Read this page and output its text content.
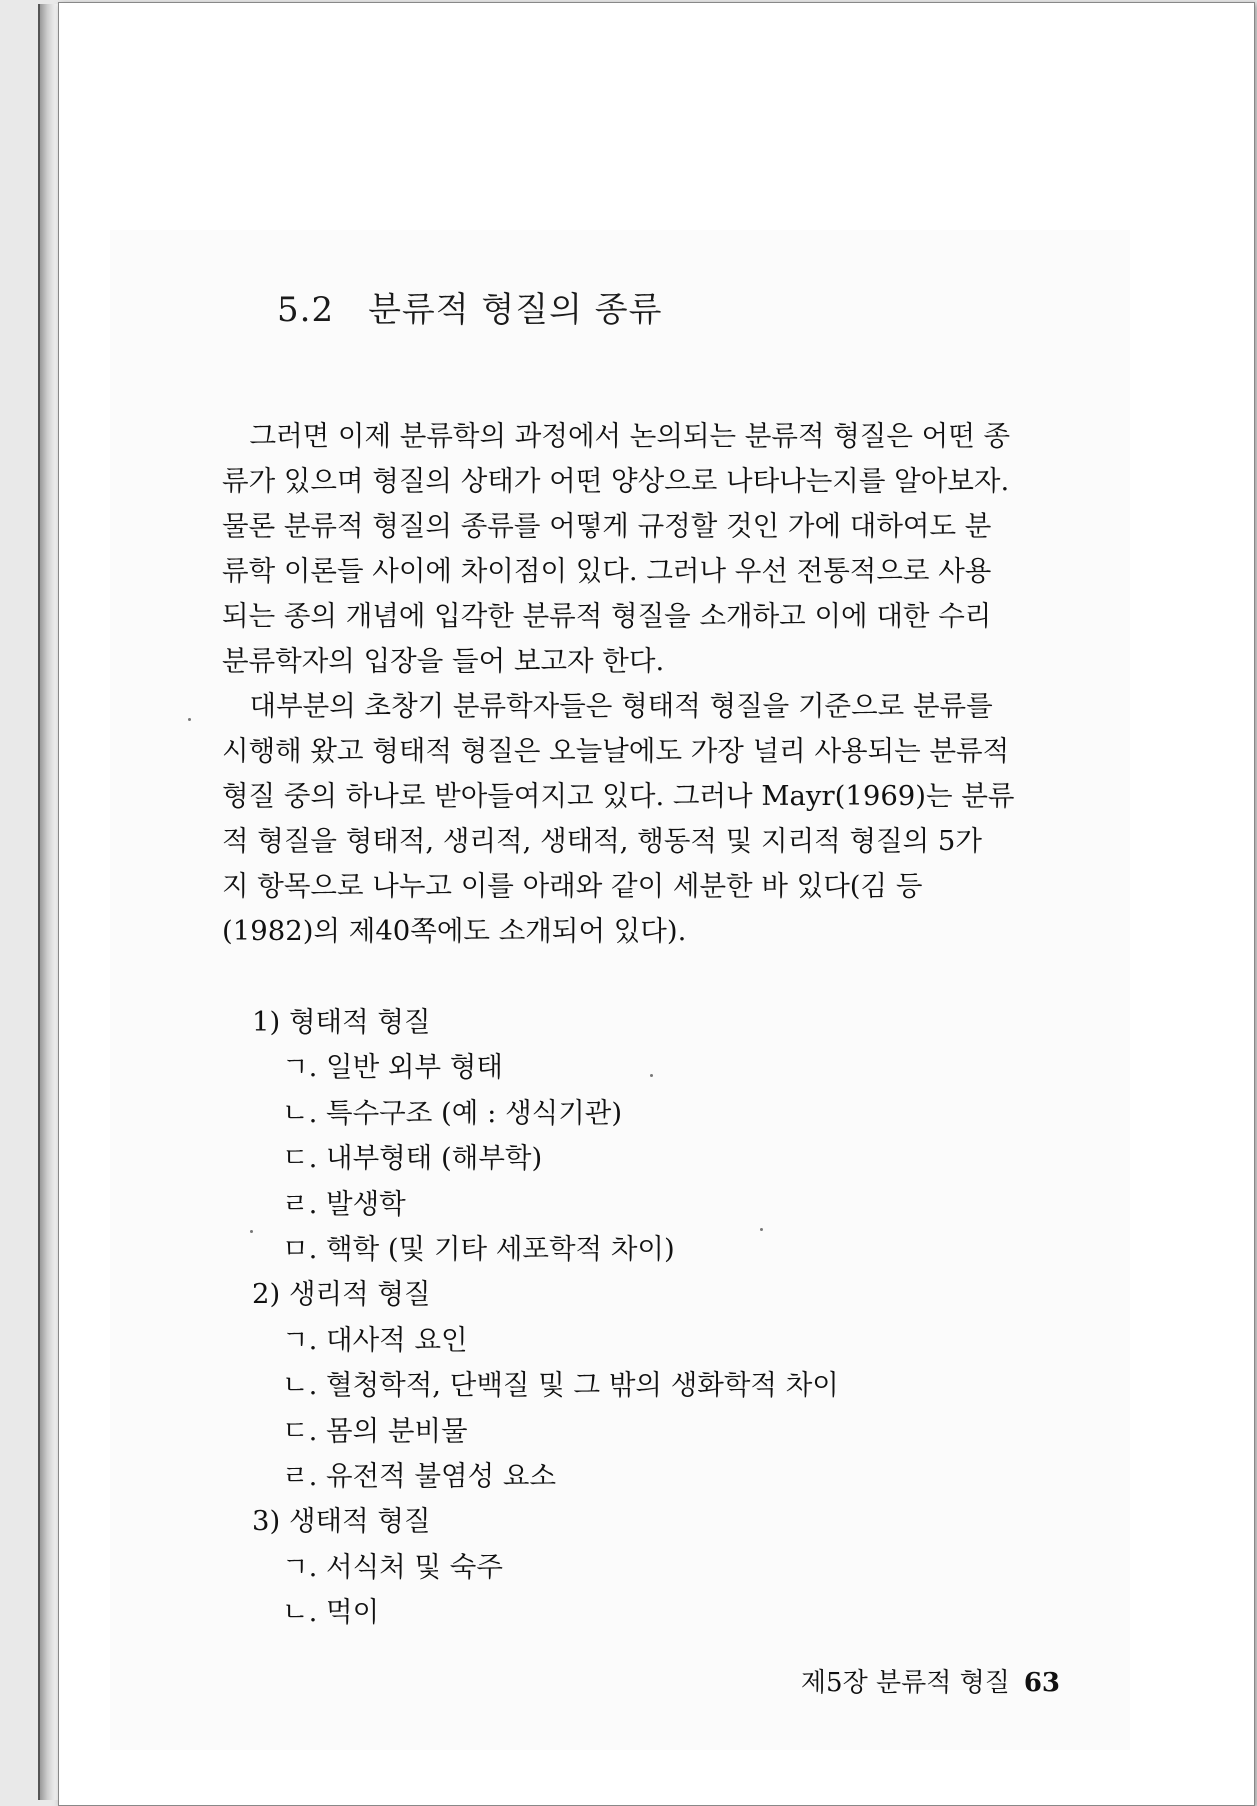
5.2 분류적 형질의 종류

　그러면 이제 분류학의 과정에서 논의되는 분류적 형질은 어떤 종
류가 있으며 형질의 상태가 어떤 양상으로 나타나는지를 알아보자.
물론 분류적 형질의 종류를 어떻게 규정할 것인 가에 대하여도 분
류학 이론들 사이에 차이점이 있다. 그러나 우선 전통적으로 사용
되는 종의 개념에 입각한 분류적 형질을 소개하고 이에 대한 수리
분류학자의 입장을 들어 보고자 한다.

　대부분의 초창기 분류학자들은 형태적 형질을 기준으로 분류를
시행해 왔고 형태적 형질은 오늘날에도 가장 널리 사용되는 분류적
형질 중의 하나로 받아들여지고 있다. 그러나 Mayr(1969)는 분류
적 형질을 형태적, 생리적, 생태적, 행동적 및 지리적 형질의 5가
지 항목으로 나누고 이를 아래와 같이 세분한 바 있다(김 등
(1982)의 제40쪽에도 소개되어 있다).

1) 형태적 형질
ㄱ. 일반 외부 형태
ㄴ. 특수구조 (예 : 생식기관)
ㄷ. 내부형태 (해부학)
ㄹ. 발생학
ㅁ. 핵학 (및 기타 세포학적 차이)
2) 생리적 형질
ㄱ. 대사적 요인
ㄴ. 혈청학적, 단백질 및 그 밖의 생화학적 차이
ㄷ. 몸의 분비물
ㄹ. 유전적 불염성 요소
3) 생태적 형질
ㄱ. 서식처 및 숙주
ㄴ. 먹이
제5장 분류적 형질 63
